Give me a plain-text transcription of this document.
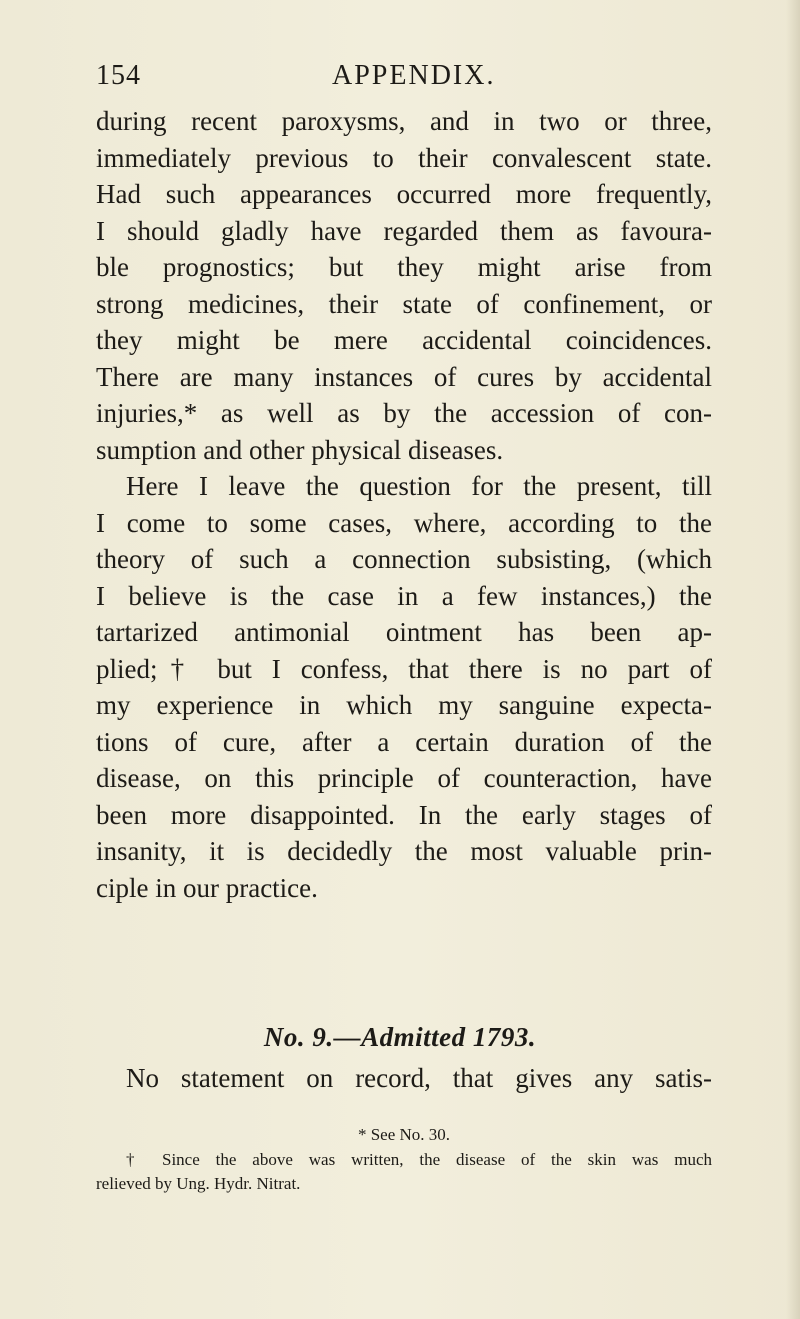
154	APPENDIX.
during recent paroxysms, and in two or three,
immediately previous to their convalescent state.
Had such appearances occurred more frequently,
I should gladly have regarded them as favoura-
ble prognostics; but they might arise from
strong medicines, their state of confinement, or
they might be mere accidental coincidences.
There are many instances of cures by accidental
injuries,* as well as by the accession of con-
sumption and other physical diseases.
Here I leave the question for the present, till
I come to some cases, where, according to the
theory of such a connection subsisting, (which
I believe is the case in a few instances,) the
tartarized antimonial ointment has been ap-
plied;† but I confess, that there is no part of
my experience in which my sanguine expecta-
tions of cure, after a certain duration of the
disease, on this principle of counteraction, have
been more disappointed. In the early stages of
insanity, it is decidedly the most valuable prin-
ciple in our practice.
No. 9.—Admitted 1793.
No statement on record, that gives any satis-
* See No. 30.
† Since the above was written, the disease of the skin was much
relieved by Ung. Hydr. Nitrat.
